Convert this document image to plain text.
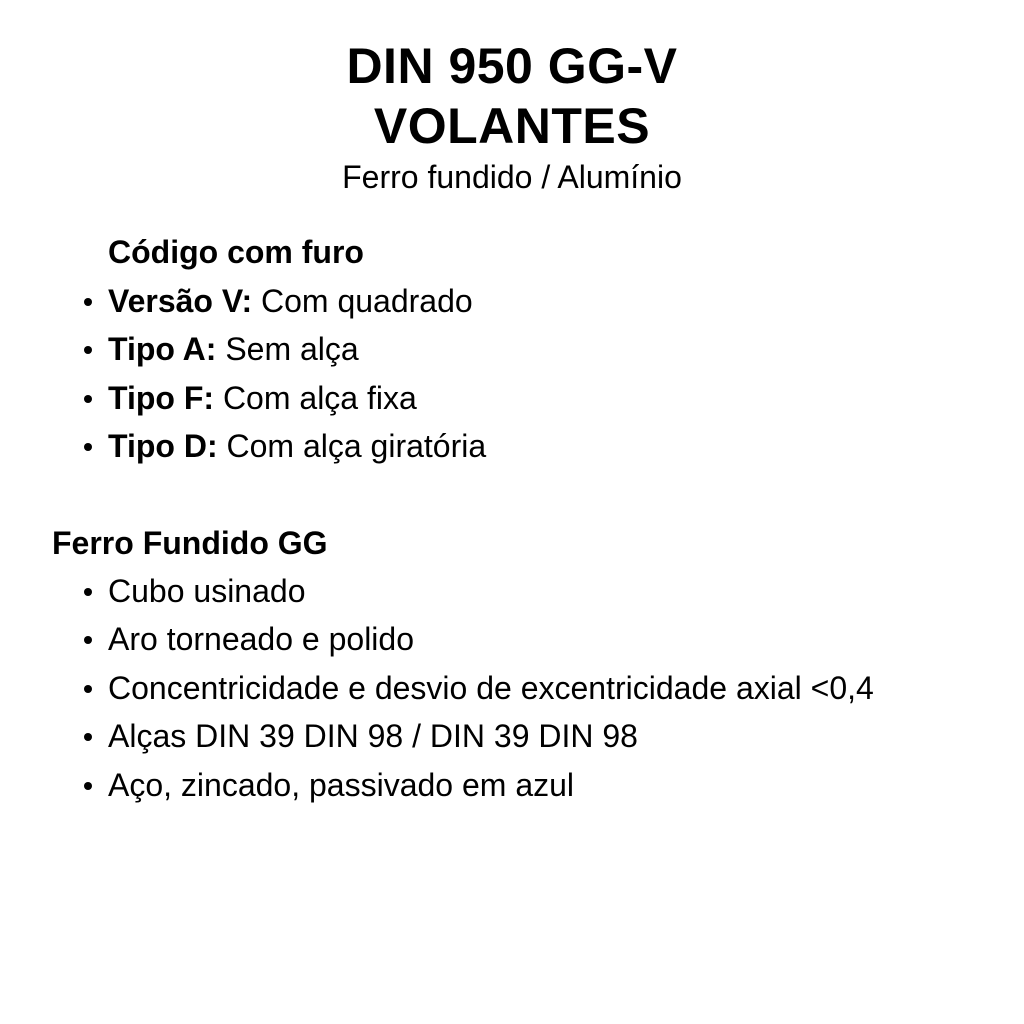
DIN 950 GG-V
VOLANTES
Ferro fundido / Alumínio
Código com furo
Versão V: Com quadrado
Tipo A: Sem alça
Tipo F: Com alça fixa
Tipo D: Com alça giratória
Ferro Fundido GG
Cubo usinado
Aro torneado e polido
Concentricidade e desvio de excentricidade axial <0,4
Alças DIN 39 DIN 98 / DIN 39 DIN 98
Aço, zincado, passivado em azul
